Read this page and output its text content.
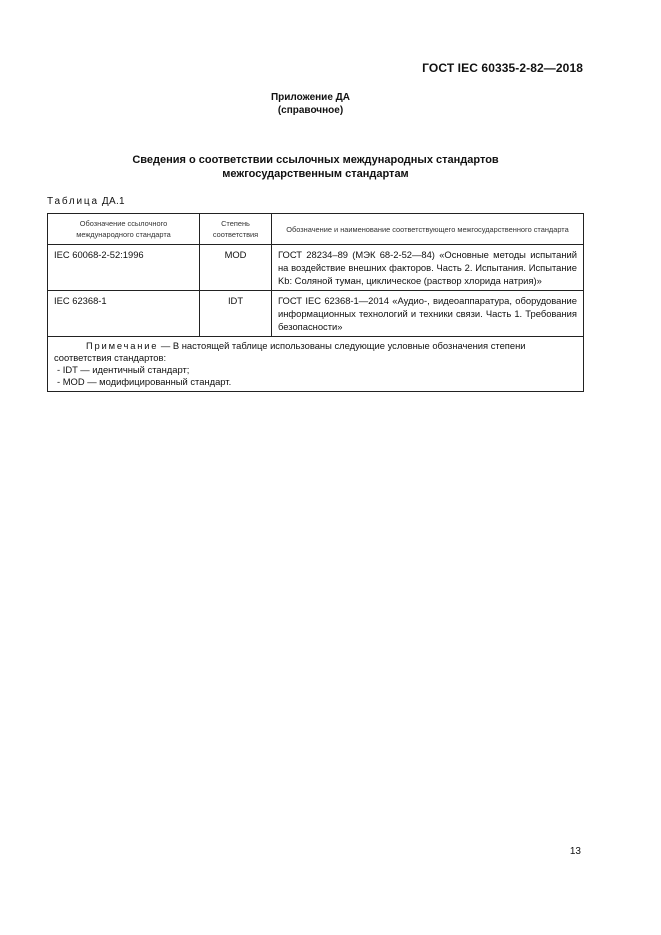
ГОСТ IEC 60335-2-82—2018
Приложение ДА
(справочное)
Сведения о соответствии ссылочных международных стандартов
межгосударственным стандартам
Таблица ДА.1
Обозначение ссылочного международного стандарта	Степень соответствия	Обозначение и наименование соответствующего межгосударственного стандарта
IEC 60068-2-52:1996	MOD	ГОСТ 28234–89 (МЭК 68-2-52—84) «Основные методы испытаний на воздействие внешних факторов. Часть 2. Испытания. Испытание Kb: Соляной туман, циклическое (раствор хлорида натрия)»
IEC 62368-1	IDT	ГОСТ IEC 62368-1—2014 «Аудио-, видеоаппаратура, оборудование информационных технологий и техники связи. Часть 1. Требования безопасности»
Примечание — В настоящей таблице использованы следующие условные обозначения степени соответствия стандартов:
- IDT — идентичный стандарт;
- MOD — модифицированный стандарт.		
13
